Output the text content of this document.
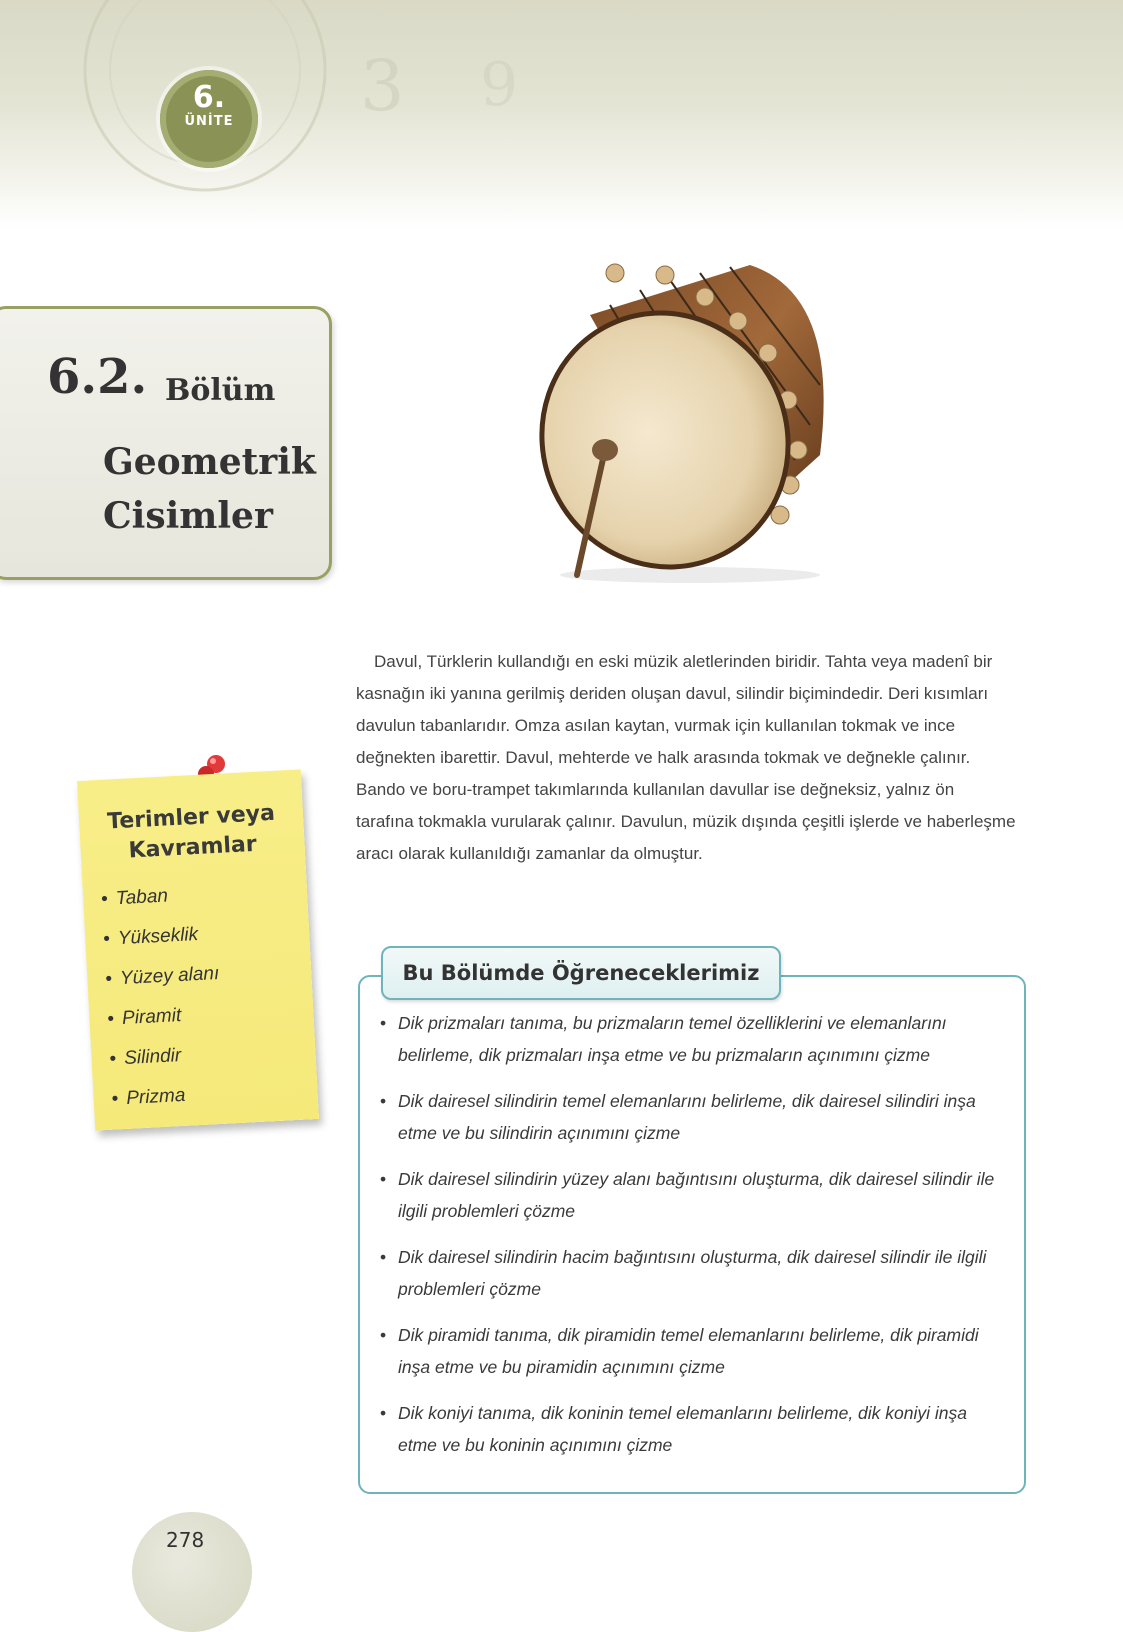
3 9
6.
ÜNİTE
6.2. Bölüm
Geometrik Cisimler
Davul, Türklerin kullandığı en eski müzik aletlerinden biridir. Tahta veya madenî bir kasnağın iki yanına gerilmiş deriden oluşan davul, silindir biçimindedir. Deri kısımları davulun tabanlarıdır. Omza asılan kaytan, vurmak için kullanılan tokmak ve ince değnekten ibarettir. Davul, mehterde ve halk arasında tokmak ve değnekle çalınır. Bando ve boru-trampet takımlarında kullanılan davullar ise değneksiz, yalnız ön tarafına tokmakla vurularak çalınır. Davulun, müzik dışında çeşitli işlerde ve haberleşme aracı olarak kullanıldığı zamanlar da olmuştur.
Terimler veya
Kavramlar
• Taban
• Yükseklik
• Yüzey alanı
• Piramit
• Silindir
• Prizma
• Dik prizmaları tanıma, bu prizmaların temel özelliklerini ve elemanlarını belirleme, dik prizmaları inşa etme ve bu prizmaların açınımını çizme
• Dik dairesel silindirin temel elemanlarını belirleme, dik dairesel silindiri inşa etme ve bu silindirin açınımını çizme
• Dik dairesel silindirin yüzey alanı bağıntısını oluşturma, dik dairesel silindir ile ilgili problemleri çözme
• Dik dairesel silindirin hacim bağıntısını oluşturma, dik dairesel silindir ile ilgili problemleri çözme
• Dik piramidi tanıma, dik piramidin temel elemanlarını belirleme, dik piramidi inşa etme ve bu piramidin açınımını çizme
• Dik koniyi tanıma, dik koninin temel elemanlarını belirleme, dik koniyi inşa etme ve bu koninin açınımını çizme
Bu Bölümde Öğreneceklerimiz
278
